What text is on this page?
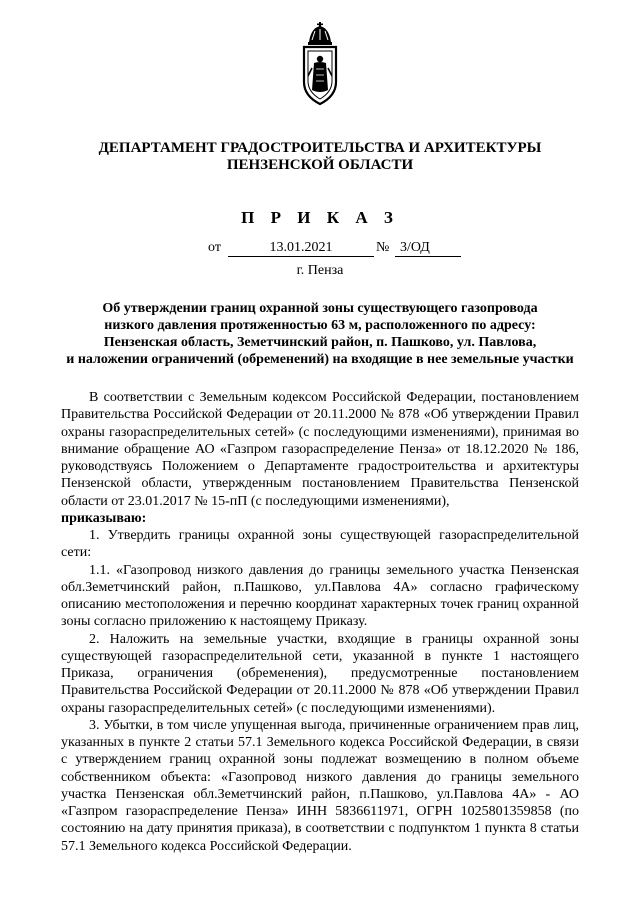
ДЕПАРТАМЕНТ ГРАДОСТРОИТЕЛЬСТВА И АРХИТЕКТУРЫ
ПЕНЗЕНСКОЙ ОБЛАСТИ
П Р И К А З
от	13.01.2021	№ 3/ОД
г. Пенза
Об утверждении границ охранной зоны существующего газопровода
низкого давления протяженностью 63 м, расположенного по адресу:
Пензенская область, Земетчинский район, п. Пашково, ул. Павлова,
и наложении ограничений (обременений) на входящие в нее земельные участки

В соответствии с Земельным кодексом Российской Федерации, постановлением Правительства Российской Федерации от 20.11.2000 № 878 «Об утверждении Правил охраны газораспределительных сетей» (с последующими изменениями), принимая во внимание обращение АО «Газпром газораспределение Пенза» от 18.12.2020 № 186, руководствуясь Положением о Департаменте градостроительства и архитектуры Пензенской области, утвержденным постановлением Правительства Пензенской области от 23.01.2017 № 15-пП (с последующими изменениями),

приказываю:

1. Утвердить границы охранной зоны существующей газораспределительной сети:

1.1. «Газопровод низкого давления до границы земельного участка Пензенская обл.Земетчинский район, п.Пашково, ул.Павлова 4А» согласно графическому описанию местоположения и перечню координат характерных точек границ охранной зоны согласно приложению к настоящему Приказу.

2. Наложить на земельные участки, входящие в границы охранной зоны существующей газораспределительной сети, указанной в пункте 1 настоящего Приказа, ограничения (обременения), предусмотренные постановлением Правительства Российской Федерации от 20.11.2000 № 878 «Об утверждении Правил охраны газораспределительных сетей» (с последующими изменениями).

3. Убытки, в том числе упущенная выгода, причиненные ограничением прав лиц, указанных в пункте 2 статьи 57.1 Земельного кодекса Российской Федерации, в связи с утверждением границ охранной зоны подлежат возмещению в полном объеме собственником объекта: «Газопровод низкого давления до границы земельного участка Пензенская обл.Земетчинский район, п.Пашково, ул.Павлова 4А» - АО «Газпром газораспределение Пенза» ИНН 5836611971, ОГРН 1025801359858 (по состоянию на дату принятия приказа), в соответствии с подпунктом 1 пункта 8 статьи 57.1 Земельного кодекса Российской Федерации.
